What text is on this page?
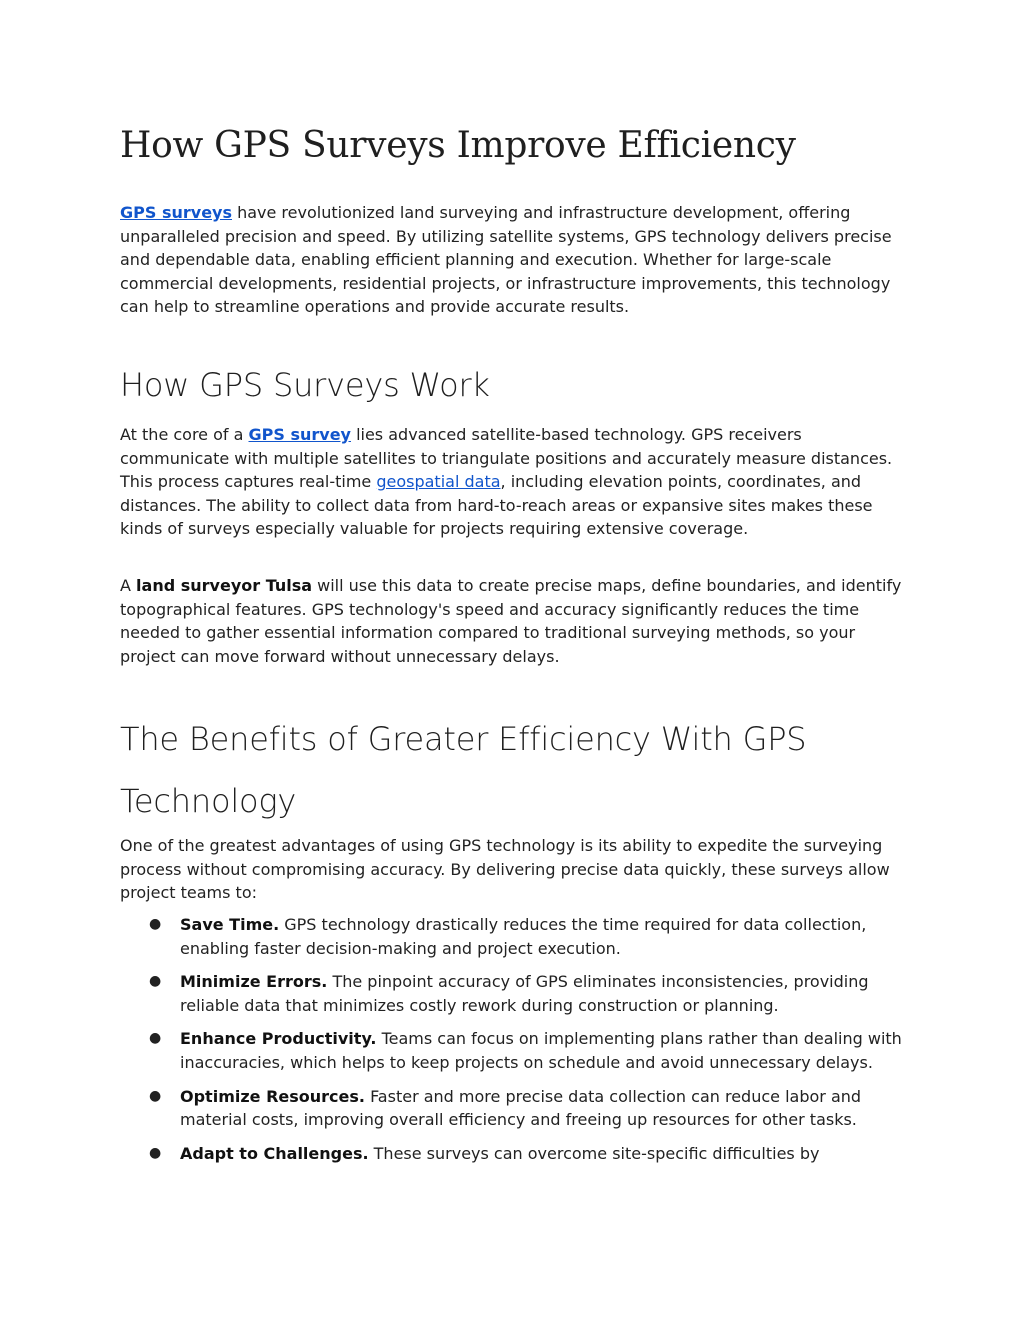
How GPS Surveys Improve Efficiency

GPS surveys have revolutionized land surveying and infrastructure development, offering unparalleled precision and speed. By utilizing satellite systems, GPS technology delivers precise and dependable data, enabling efficient planning and execution. Whether for large-scale commercial developments, residential projects, or infrastructure improvements, this technology can help to streamline operations and provide accurate results.

How GPS Surveys Work

At the core of a GPS survey lies advanced satellite-based technology. GPS receivers communicate with multiple satellites to triangulate positions and accurately measure distances. This process captures real-time geospatial data, including elevation points, coordinates, and distances. The ability to collect data from hard-to-reach areas or expansive sites makes these kinds of surveys especially valuable for projects requiring extensive coverage.

A land surveyor Tulsa will use this data to create precise maps, define boundaries, and identify topographical features. GPS technology's speed and accuracy significantly reduces the time needed to gather essential information compared to traditional surveying methods, so your project can move forward without unnecessary delays.

The Benefits of Greater Efficiency With GPS
Technology

One of the greatest advantages of using GPS technology is its ability to expedite the surveying process without compromising accuracy. By delivering precise data quickly, these surveys allow project teams to:

● Save Time. GPS technology drastically reduces the time required for data collection, enabling faster decision-making and project execution.
● Minimize Errors. The pinpoint accuracy of GPS eliminates inconsistencies, providing reliable data that minimizes costly rework during construction or planning.
● Enhance Productivity. Teams can focus on implementing plans rather than dealing with inaccuracies, which helps to keep projects on schedule and avoid unnecessary delays.
● Optimize Resources. Faster and more precise data collection can reduce labor and material costs, improving overall efficiency and freeing up resources for other tasks.
● Adapt to Challenges. These surveys can overcome site-specific difficulties by
